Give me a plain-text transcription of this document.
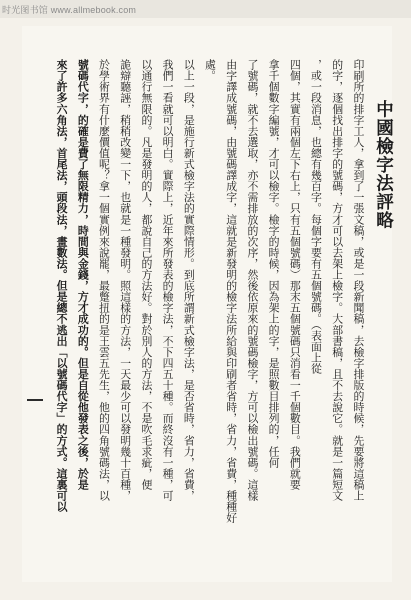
时光图书馆 www.allmebook.com
中國檢字法評略
印刷所的排字工人，拿到了一張文稿，或是一段新聞稿，去檢字排版的時候，先要將這稿上
的字，逐個找出排字的號碼，方才可以去架上檢字。大部書稿，且不去說它。就是一篇短文
，或一段消息，也總有幾百字。每個字要有五個號碼。（表面上從
四個，其實有兩個左下右上，只有五個號碼）那末五個號碼只消看一千個數目。我們就要
拿千個數字編號，才可以檢字。檢字的時候，因為架上的字，是照數目排列的，任何
了號碼，就不去選取，亦不需排放的次序，然後依原來的號碼檢字，方可以檢出號碼。這樣
由字譯成號碼，由號碼譯成字，這就是新發明的檢字法所給與印刷者省時，省力，省費，種種好
處。
以上一段，是施行新式檢字法的實際情形。到底所謂新式檢字法，是否省時，省力，省費，
我們一看就可以明白。實際上，近年來所發表的檢字法，不下四五十種。而終沒有一種，可
以通行無限的。凡是發明的人，都說自己的方法好。對於別人的方法，不是吹毛求疵，便
詭辯聽誣，稍稍改變一下，也就是一種發明。照這樣的方法，一天最少可以發明幾十百種，
於學術界有什麼價值呢？拿一個實例來說罷，最蹩扭的是王雲五先生，他的四角號碼法，以
號碼代字，的確是費了無限精力，時間與金錢，方才成功的。但是自從他發表之後，於是
來了許多六角法，首尾法，頭段法，畫數法。但是總不逃出「以號碼代字」的方式。這裏可以
